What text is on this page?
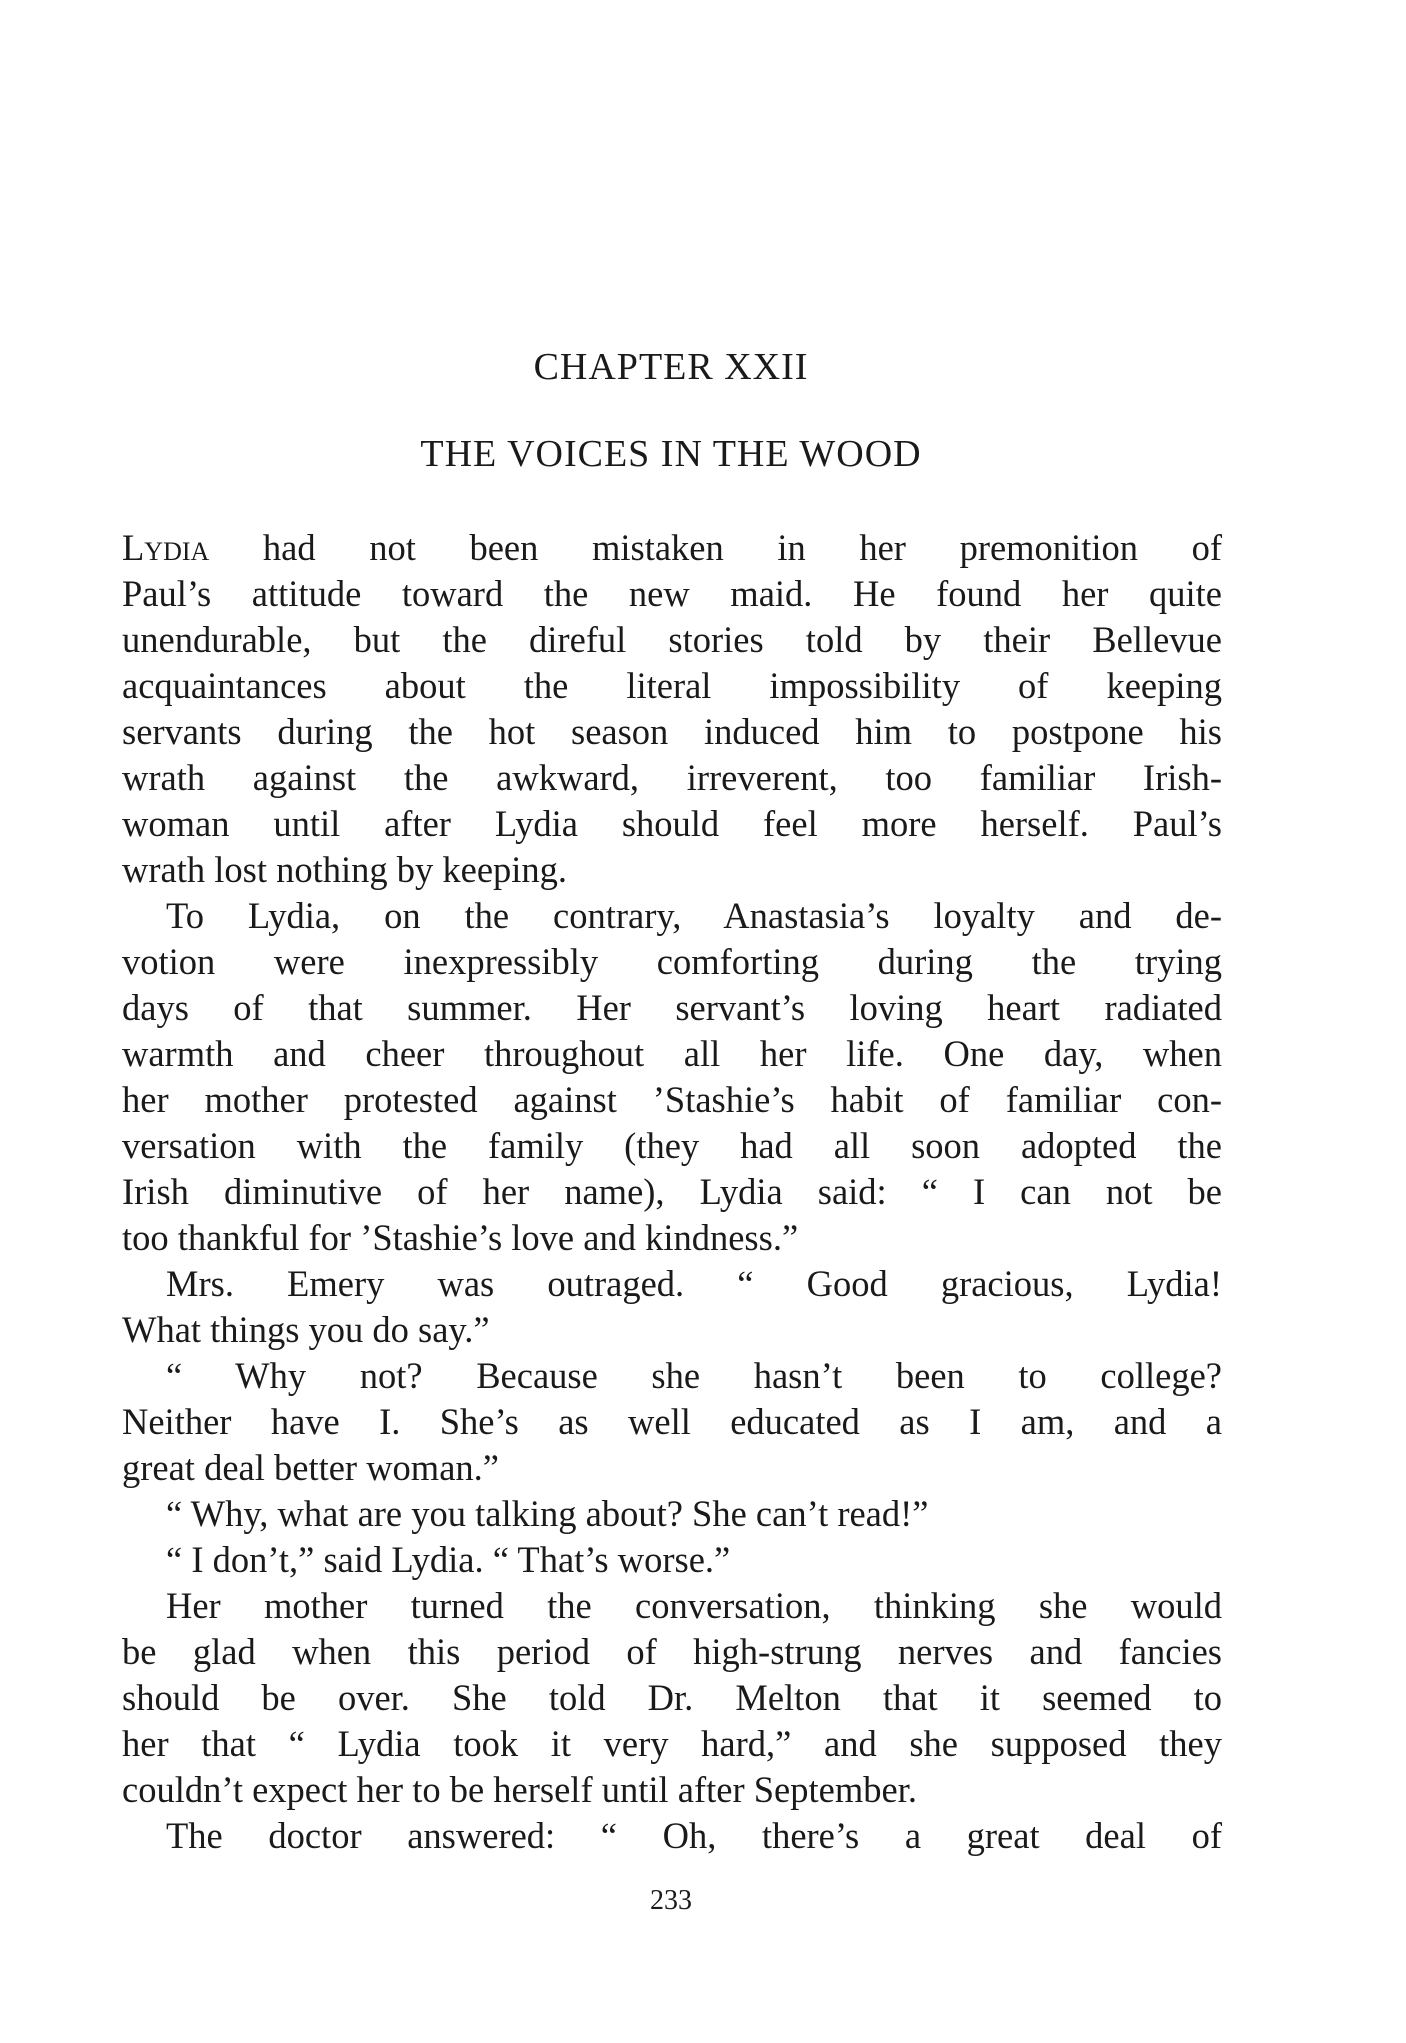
CHAPTER XXII
THE VOICES IN THE WOOD
Lydia had not been mistaken in her premonition of
Paul’s attitude toward the new maid. He found her quite
unendurable, but the direful stories told by their Bellevue
acquaintances about the literal impossibility of keeping
servants during the hot season induced him to postpone his
wrath against the awkward, irreverent, too familiar Irish-
woman until after Lydia should feel more herself. Paul’s
wrath lost nothing by keeping.
To Lydia, on the contrary, Anastasia’s loyalty and de-
votion were inexpressibly comforting during the trying
days of that summer. Her servant’s loving heart radiated
warmth and cheer throughout all her life. One day, when
her mother protested against ’Stashie’s habit of familiar con-
versation with the family (they had all soon adopted the
Irish diminutive of her name), Lydia said: “ I can not be
too thankful for ’Stashie’s love and kindness.”
Mrs. Emery was outraged. “ Good gracious, Lydia!
What things you do say.”
“ Why not? Because she hasn’t been to college?
Neither have I. She’s as well educated as I am, and a
great deal better woman.”
“ Why, what are you talking about? She can’t read!”
“ I don’t,” said Lydia. “ That’s worse.”
Her mother turned the conversation, thinking she would
be glad when this period of high-strung nerves and fancies
should be over. She told Dr. Melton that it seemed to
her that “ Lydia took it very hard,” and she supposed they
couldn’t expect her to be herself until after September.
The doctor answered: “ Oh, there’s a great deal of
233
